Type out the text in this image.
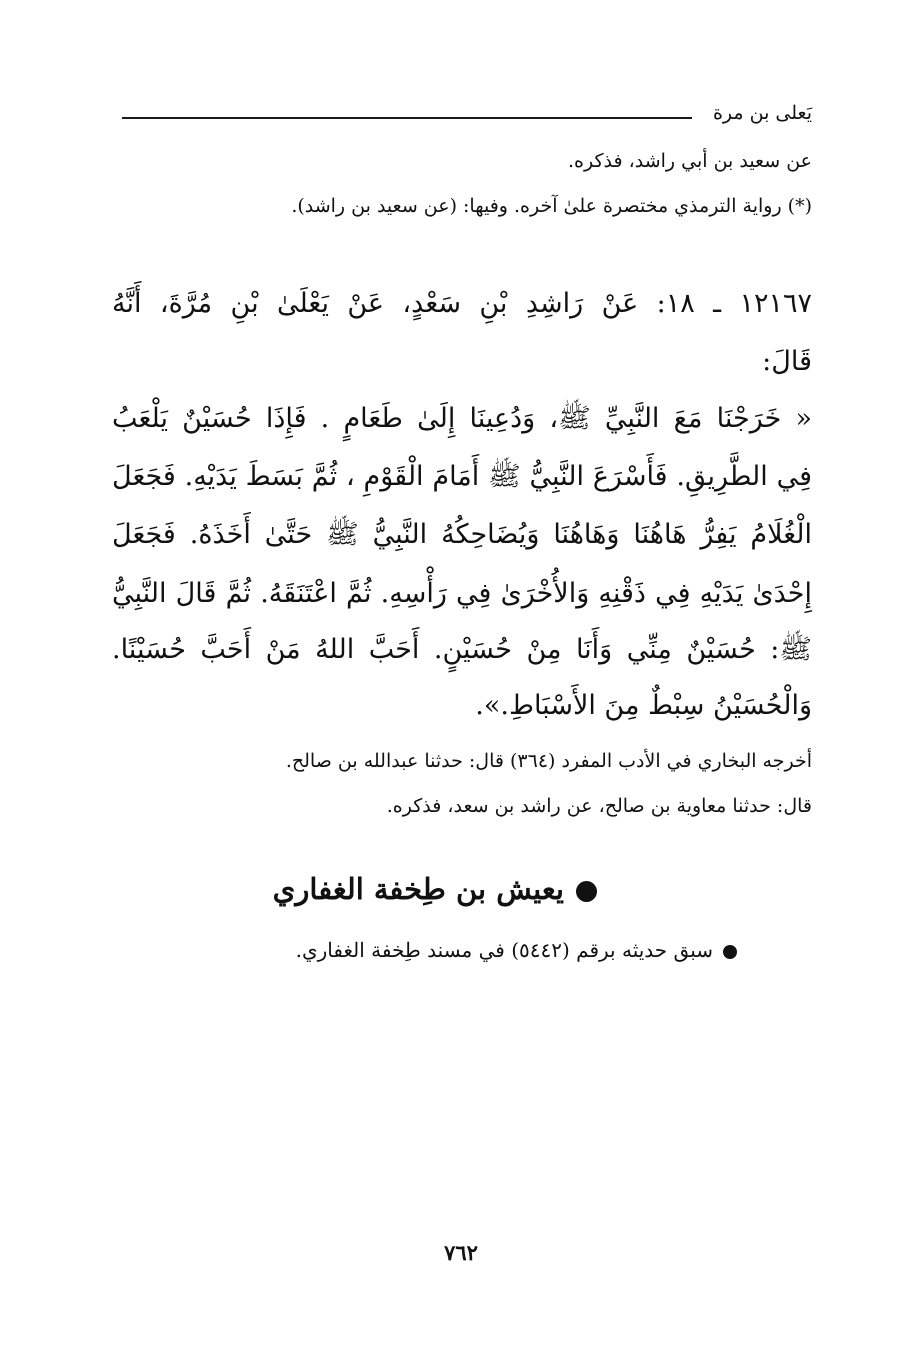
يَعلى بن مرة
عن سعيد بن أبي راشد، فذكره.
(*) رواية الترمذي مختصرة علىٰ آخره. وفيها: (عن سعيد بن راشد).
١٢١٦٧ ـ ١٨: عَنْ رَاشِدِ بْنِ سَعْدٍ، عَنْ يَعْلَىٰ بْنِ مُرَّةَ، أَنَّهُ
قَالَ:
« خَرَجْنَا مَعَ النَّبِيِّ ﷺ، وَدُعِينَا إِلَىٰ طَعَامٍ . فَإِذَا حُسَيْنٌ يَلْعَبُ
فِي الطَّرِيقِ. فَأَسْرَعَ النَّبِيُّ ﷺ أَمَامَ الْقَوْمِ ، ثُمَّ بَسَطَ يَدَيْهِ. فَجَعَلَ
الْغُلَامُ يَفِرُّ هَاهُنَا وَهَاهُنَا وَيُضَاحِكُهُ النَّبِيُّ ﷺ حَتَّىٰ أَخَذَهُ. فَجَعَلَ
إِحْدَىٰ يَدَيْهِ فِي ذَقْنِهِ وَالأُخْرَىٰ فِي رَأْسِهِ. ثُمَّ اعْتَنَقَهُ. ثُمَّ قَالَ النَّبِيُّ
ﷺ: حُسَيْنٌ مِنِّي وَأَنَا مِنْ حُسَيْنٍ. أَحَبَّ اللهُ مَنْ أَحَبَّ حُسَيْنًا.
وَالْحُسَيْنُ سِبْطٌ مِنَ الأَسْبَاطِ.».
أخرجه البخاري في الأدب المفرد (٣٦٤) قال: حدثنا عبدالله بن صالح.
قال: حدثنا معاوية بن صالح، عن راشد بن سعد، فذكره.
يعيش بن طِخفة الغفاري
سبق حديثه برقم (٥٤٤٢) في مسند طِخفة الغفاري.
٧٦٢
